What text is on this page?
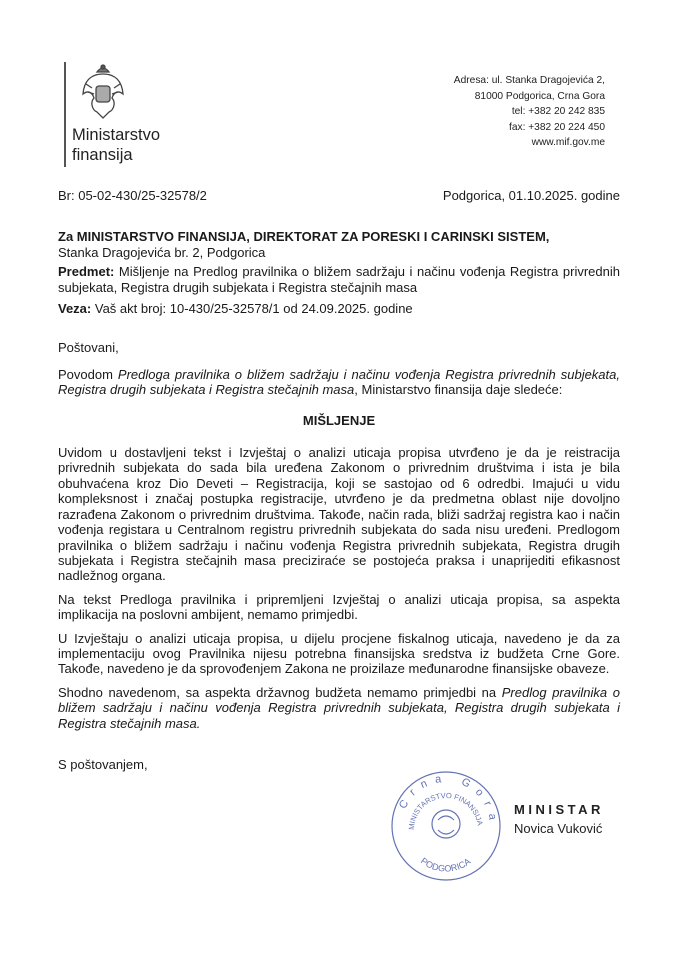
Ministarstvo
finansija
Adresa: ul. Stanka Dragojevića 2,
81000 Podgorica, Crna Gora
tel: +382 20 242 835
fax: +382 20 224 450
www.mif.gov.me
Br: 05-02-430/25-32578/2	Podgorica, 01.10.2025. godine
Za MINISTARSTVO FINANSIJA, DIREKTORAT ZA PORESKI I CARINSKI SISTEM,
Stanka Dragojevića br. 2, Podgorica

Predmet: Mišljenje na Predlog pravilnika o bližem sadržaju i načinu vođenja Registra privrednih subjekata, Registra drugih subjekata i Registra stečajnih masa

Veza: Vaš akt broj: 10-430/25-32578/1 od 24.09.2025. godine

Poštovani,

Povodom Predloga pravilnika o bližem sadržaju i načinu vođenja Registra privrednih subjekata, Registra drugih subjekata i Registra stečajnih masa, Ministarstvo finansija daje sledeće:

MIŠLJENJE

Uvidom u dostavljeni tekst i Izvještaj o analizi uticaja propisa utvrđeno je da je reistracija privrednih subjekata do sada bila uređena Zakonom o privrednim društvima i ista je bila obuhvaćena kroz Dio Deveti – Registracija, koji se sastojao od 6 odredbi. Imajući u vidu kompleksnost i značaj postupka registracije, utvrđeno je da predmetna oblast nije dovoljno razrađena Zakonom o privrednim društvima. Takođe, način rada, bliži sadržaj registra kao i način vođenja registara u Centralnom registru privrednih subjekata do sada nisu uređeni. Predlogom pravilnika o bližem sadržaju i načinu vođenja Registra privrednih subjekata, Registra drugih subjekata i Registra stečajnih masa preciziraće se postojeća praksa i unaprijediti efikasnost nadležnog organa.

Na tekst Predloga pravilnika i pripremljeni Izvještaj o analizi uticaja propisa, sa aspekta implikacija na poslovni ambijent, nemamo primjedbi.

U Izvještaju o analizi uticaja propisa, u dijelu procjene fiskalnog uticaja, navedeno je da za implementaciju ovog Pravilnika nijesu potrebna finansijska sredstva iz budžeta Crne Gore. Takođe, navedeno je da sprovođenjem Zakona ne proizilaze međunarodne finansijske obaveze.

Shodno navedenom, sa aspekta državnog budžeta nemamo primjedbi na Predlog pravilnika o bližem sadržaju i načinu vođenja Registra privrednih subjekata, Registra drugih subjekata i Registra stečajnih masa.

S poštovanjem,

Crna Gora
MINISTARSTVO FINANSIJA
PODGORICA
MINISTAR
Novica Vuković
